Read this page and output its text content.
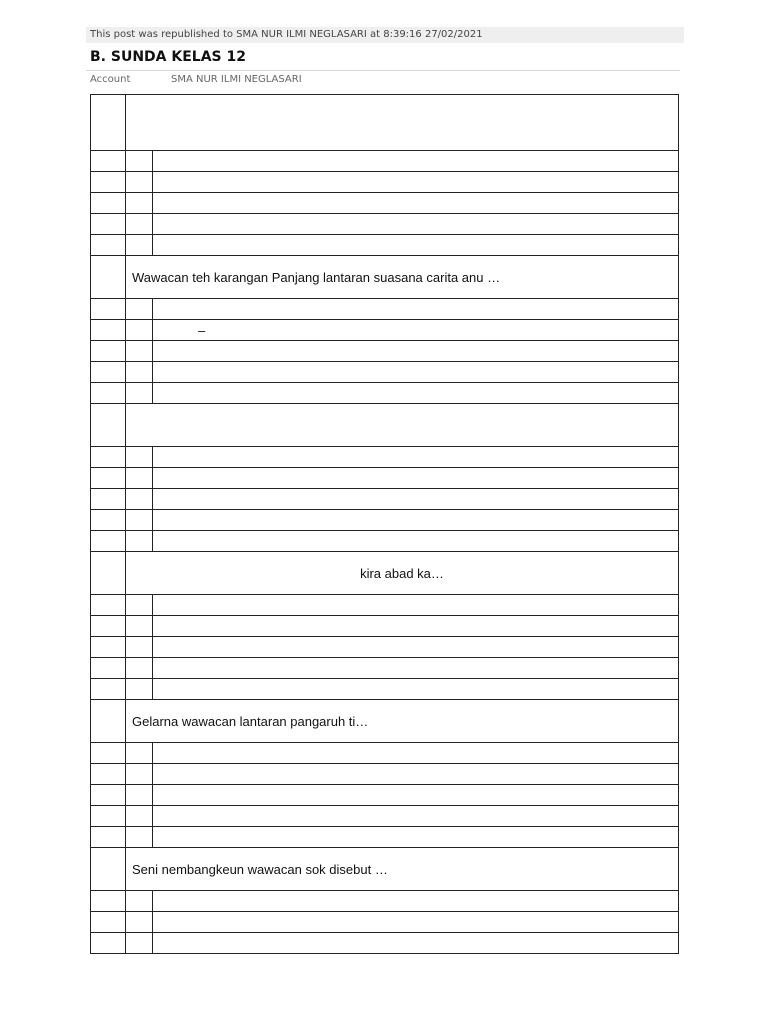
This post was republished to SMA NUR ILMI NEGLASARI at 8:39:16 27/02/2021
B. SUNDA KELAS 12
Account	SMA NUR ILMI NEGLASARI

	Wawacan teh karangan Panjang lantaran suasana carita anu …	

		–

	kira abad ka…	

	Gelarna wawacan lantaran pangaruh ti…	

	Seni nembangkeun wawacan sok disebut …	
